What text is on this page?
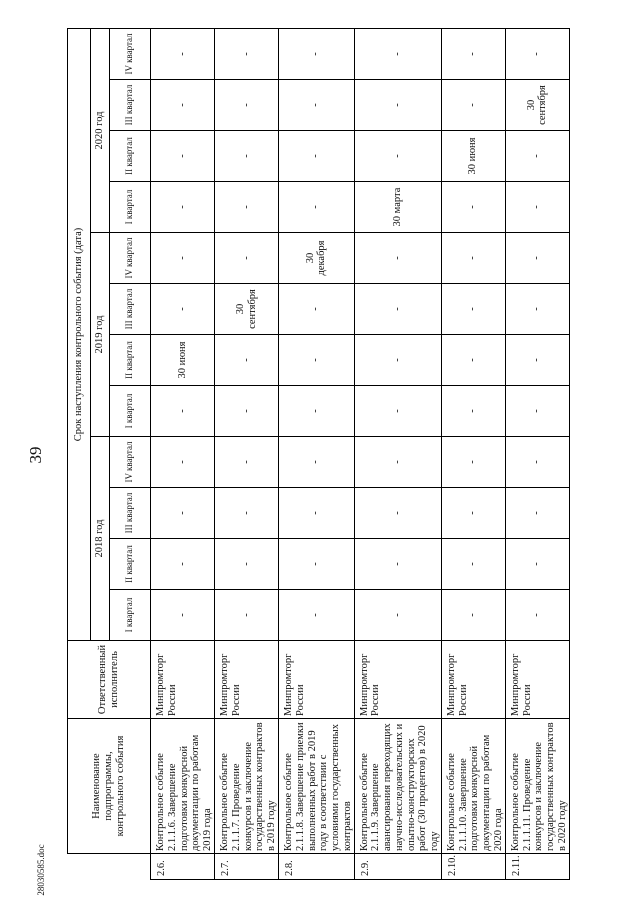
39
28030585.doc
	Наименование подпрограммы, контрольного события	Ответственный исполнитель	Срок наступления контрольного события (дата)											
			2018 год				2019 год				2020 год			
			I квартал	II квартал	III квартал	IV квартал	I квартал	II квартал	III квартал	IV квартал	I квартал	II квартал	III квартал	IV квартал
2.6.	Контрольное событие 2.1.1.6. Завершение подготовки конкурсной документации по работам 2019 года	Минпромторг России	-	-	-	-	-	30 июня	-	-	-	-	-	-
2.7.	Контрольное событие 2.1.1.7. Проведение конкурсов и заключение государственных контрактов в 2019 году	Минпромторг России	-	-	-	-	-	-	30 сентября	-	-	-	-	-
2.8.	Контрольное событие 2.1.1.8. Завершение приемки выполненных работ в 2019 году в соответствии с условиями государственных контрактов	Минпромторг России	-	-	-	-	-	-	-	30 декабря	-	-	-	-
2.9.	Контрольное событие 2.1.1.9. Завершение авансирования переходящих научно-исследовательских и опытно-конструкторских работ (30 процентов) в 2020 году	Минпромторг России	-	-	-	-	-	-	-	-	30 марта	-	-	-
2.10.	Контрольное событие 2.1.1.10. Завершение подготовки конкурсной документации по работам 2020 года	Минпромторг России	-	-	-	-	-	-	-	-	-	30 июня	-	-
2.11.	Контрольное событие 2.1.1.11. Проведение конкурсов и заключение государственных контрактов в 2020 году	Минпромторг России	-	-	-	-	-	-	-	-	-	-	30 сентября	-
